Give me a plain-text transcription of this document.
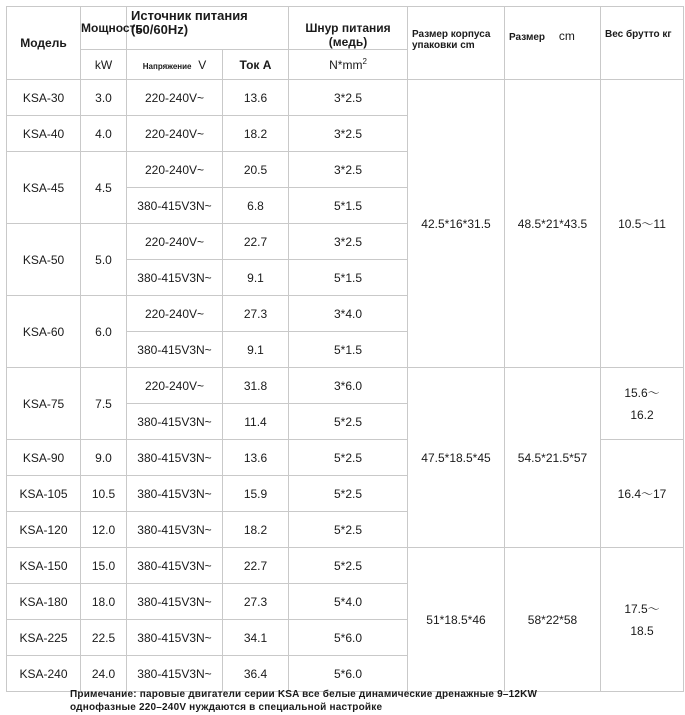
Модель	Мощность	Источник питания (50/60Hz)		Шнур питания (медь)	Размер корпуса упаковки cm	Размер cm	Вес брутто кг
	kW	Напряжение V	Ток A	$N*mm^2$
KSA-30	3.0	220-240V~	13.6	3*2.5	42.5*16*31.5	48.5*21*43.5	10.5～11
KSA-40	4.0	220-240V~	18.2	3*2.5			
KSA-45	4.5	220-240V~	20.5	3*2.5			
		380-415V3N~	6.8	5*1.5			
KSA-50	5.0	220-240V~	22.7	3*2.5			
		380-415V3N~	9.1	5*1.5			
KSA-60	6.0	220-240V~	27.3	3*4.0			
		380-415V3N~	9.1	5*1.5			
KSA-75	7.5	220-240V~	31.8	3*6.0	47.5*18.5*45	54.5*21.5*57	15.6～ 16.2
		380-415V3N~	11.4	5*2.5			
KSA-90	9.0	380-415V3N~	13.6	5*2.5			16.4～17
KSA-105	10.5	380-415V3N~	15.9	5*2.5			
KSA-120	12.0	380-415V3N~	18.2	5*2.5			
KSA-150	15.0	380-415V3N~	22.7	5*2.5	51*18.5*46	58*22*58	17.5～ 18.5
KSA-180	18.0	380-415V3N~	27.3	5*4.0			
KSA-225	22.5	380-415V3N~	34.1	5*6.0			
KSA-240	24.0	380-415V3N~	36.4	5*6.0			
Примечание: паровые двигатели серии KSA все белые динамические дренажные 9–12KW
однофазные 220–240V нуждаются в специальной настройке
